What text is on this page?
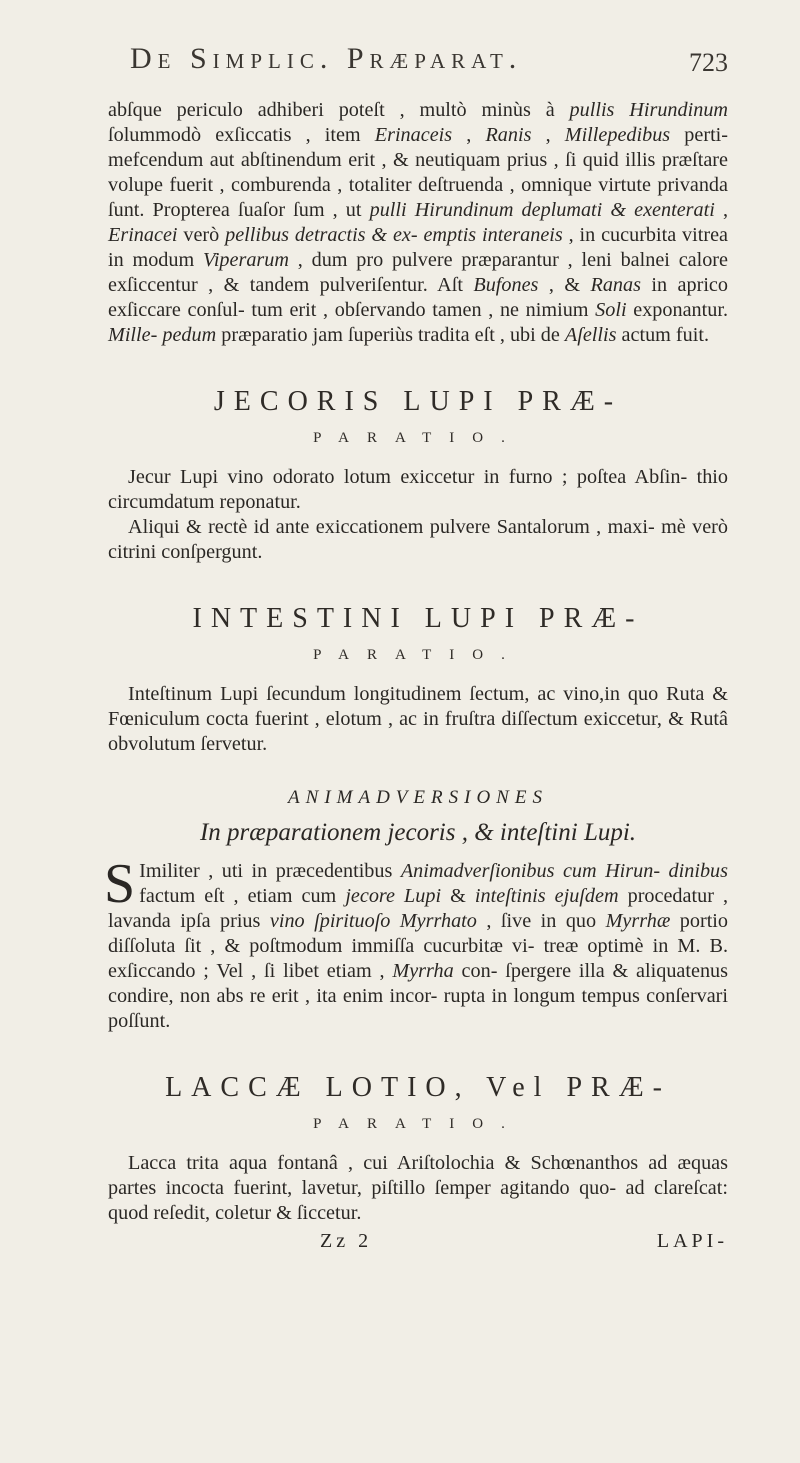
De Simplic. Præparat.	723

abſque periculo adhiberi poteſt , multò minùs à pullis Hirundinum ſolummodò exſiccatis , item Erinaceis , Ranis , Millepedibus perti- mefcendum aut abſtinendum erit , & neutiquam prius , ſi quid illis præſtare volupe fuerit , comburenda , totaliter deſtruenda , omnique virtute privanda ſunt. Propterea ſuaſor ſum , ut pulli Hirundinum deplumati & exenterati , Erinacei verò pellibus detractis & ex- emptis interaneis , in cucurbita vitrea in modum Viperarum , dum pro pulvere præparantur , leni balnei calore exſiccentur , & tandem pulveriſentur. Aſt Bufones , & Ranas in aprico exſiccare conſul- tum erit , obſervando tamen , ne nimium Soli exponantur. Mille- pedum præparatio jam ſuperiùs tradita eſt , ubi de Aſellis actum fuit.

JECORIS LUPI PRÆ-
PARATIO.

Jecur Lupi vino odorato lotum exiccetur in furno ; poſtea Abſin- thio circumdatum reponatur.

Aliqui & rectè id ante exiccationem pulvere Santalorum , maxi- mè verò citrini conſpergunt.

INTESTINI LUPI PRÆ-
PARATIO.

Inteſtinum Lupi ſecundum longitudinem ſectum, ac vino,in quo Ruta & Fœniculum cocta fuerint , elotum , ac in fruſtra diſſectum exiccetur, & Rutâ obvolutum ſervetur.

ANIMADVERSIONES
In præparationem jecoris , & inteſtini Lupi.

S Imiliter , uti in præcedentibus Animadverſionibus cum Hirun- dinibus factum eſt , etiam cum jecore Lupi & inteſtinis ejuſdem procedatur , lavanda ipſa prius vino ſpirituoſo Myrrhato , ſive in quo Myrrhæ portio diſſoluta ſit , & poſtmodum immiſſa cucurbitæ vi- treæ optimè in M. B. exſiccando ; Vel , ſi libet etiam , Myrrha con- ſpergere illa & aliquatenus condire, non abs re erit , ita enim incor- rupta in longum tempus conſervari poſſunt.

LACCÆ LOTIO, Vel PRÆ-
PARATIO.

Lacca trita aqua fontanâ , cui Ariſtolochia & Schœnanthos ad æquas partes incocta fuerint, lavetur, piſtillo ſemper agitando quo- ad clareſcat: quod reſedit, coletur & ſiccetur.

Zz 2	LAPI-
